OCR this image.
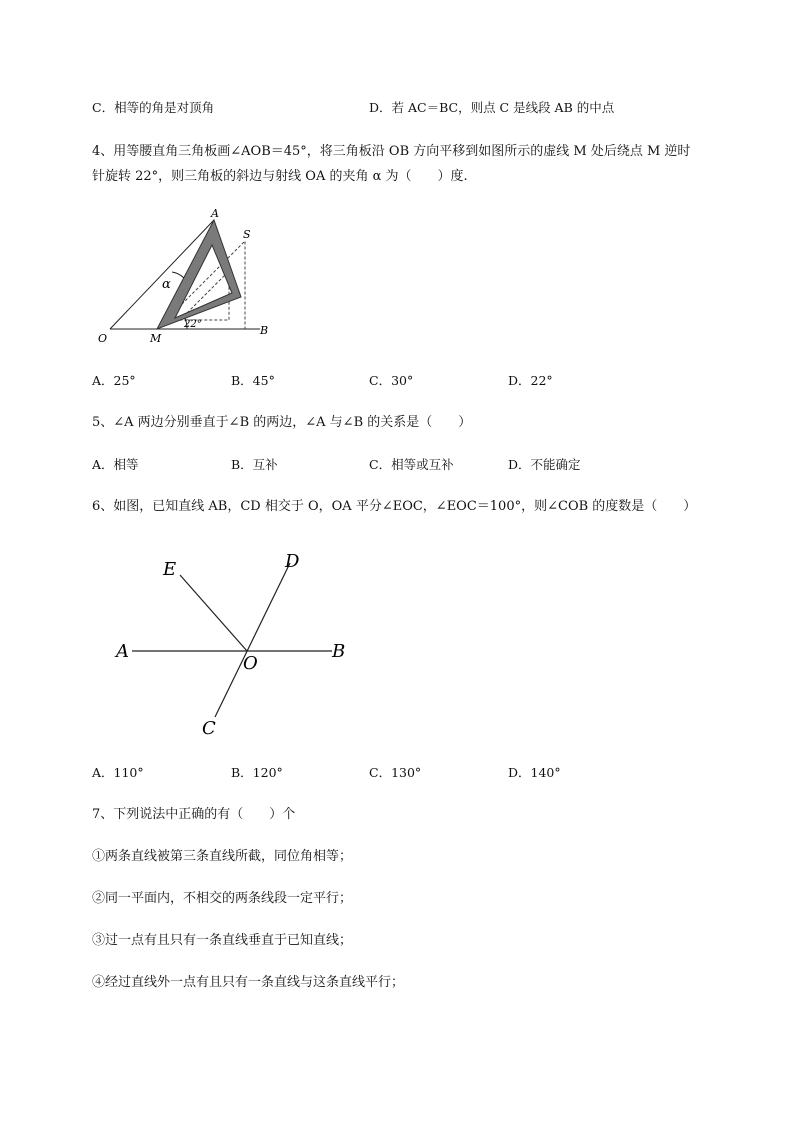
C．相等的角是对顶角	D．若 AC＝BC，则点 C 是线段 AB 的中点
4、用等腰直角三角板画∠AOB＝45°，将三角板沿 OB 方向平移到如图所示的虚线 M 处后绕点 M 逆时
针旋转 22°，则三角板的斜边与射线 OA 的夹角 α 为（　　）度.
A
S
α
O	M
B
22°
A．25°	B．45°	C．30°	D．22°
5、∠A 两边分别垂直于∠B 的两边，∠A 与∠B 的关系是（　　）
A．相等	B．互补	C．相等或互补	D．不能确定
6、如图，已知直线 AB，CD 相交于 O，OA 平分∠EOC，∠EOC＝100°，则∠COB 的度数是（　　）
E	D
A
O
B
C
A．110°	B．120°	C．130°	D．140°
7、下列说法中正确的有（　　）个
①两条直线被第三条直线所截，同位角相等；
②同一平面内，不相交的两条线段一定平行；
③过一点有且只有一条直线垂直于已知直线；
④经过直线外一点有且只有一条直线与这条直线平行；
